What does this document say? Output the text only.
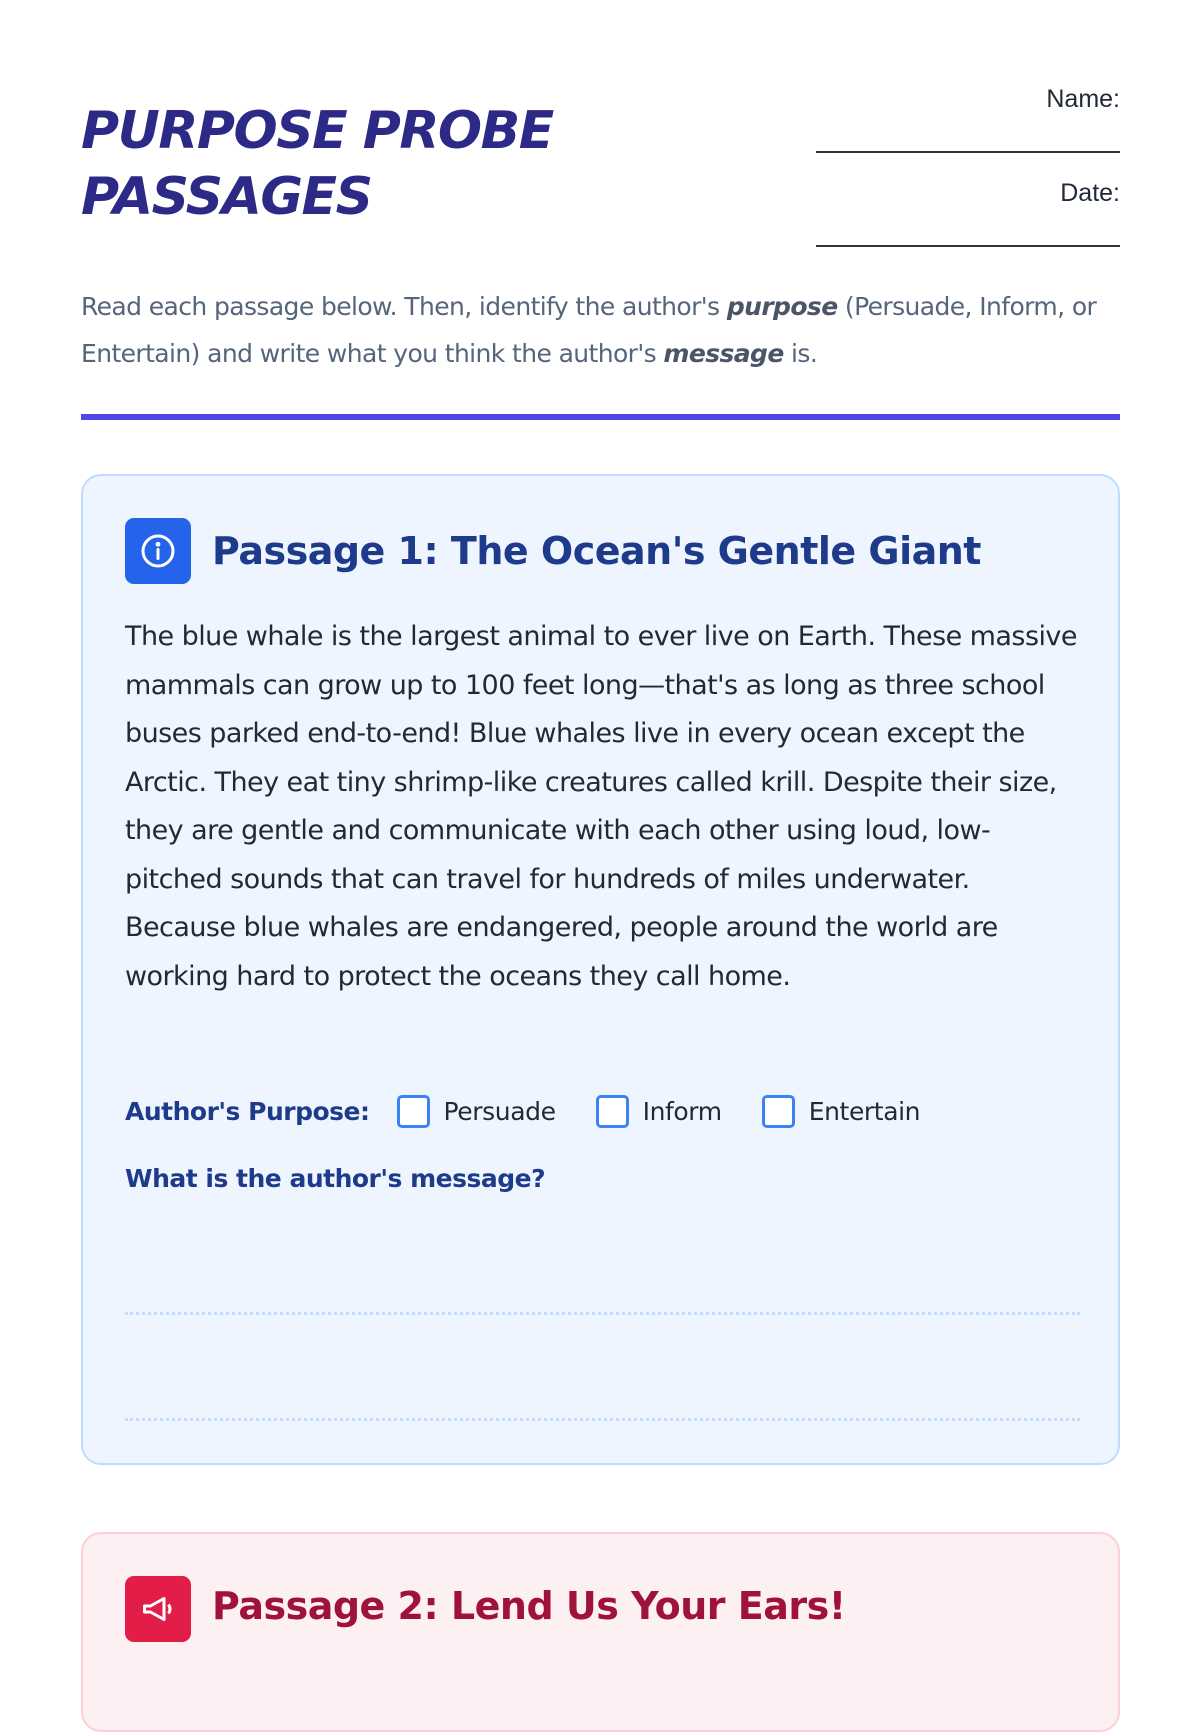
PURPOSE PROBE
PASSAGES
Name:
Date:

Read each passage below. Then, identify the author's purpose (Persuade, Inform, or Entertain) and write what you think the author's message is.

Passage 1: The Ocean's Gentle Giant

The blue whale is the largest animal to ever live on Earth. These massive mammals can grow up to 100 feet long—that's as long as three school buses parked end-to-end! Blue whales live in every ocean except the Arctic. They eat tiny shrimp-like creatures called krill. Despite their size, they are gentle and communicate with each other using loud, low-pitched sounds that can travel for hundreds of miles underwater. Because blue whales are endangered, people around the world are working hard to protect the oceans they call home.

Author's Purpose:	Persuade	Inform	Entertain
What is the author's message?
Passage 2: Lend Us Your Ears!
